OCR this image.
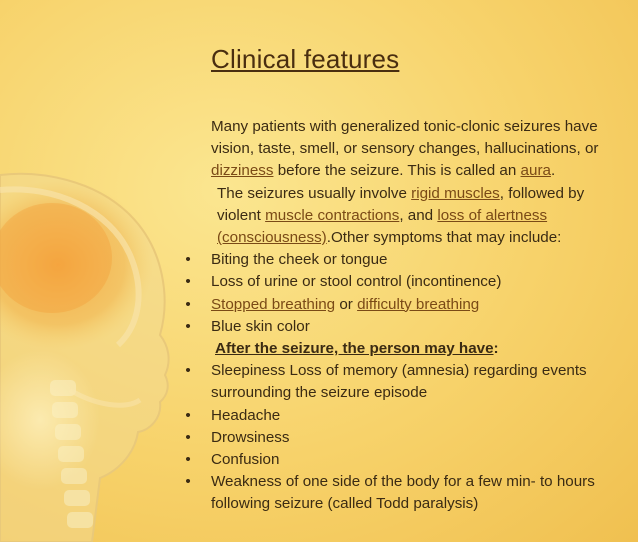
Clinical features

Many patients with generalized tonic-clonic seizures have vision, taste, smell, or sensory changes, hallucinations, or dizziness before the seizure. This is called an aura.

The seizures usually involve rigid muscles, followed by violent muscle contractions, and loss of alertness (consciousness).Other symptoms that may include:

• Biting the cheek or tongue
• Loss of urine or stool control (incontinence)
• Stopped breathing or difficulty breathing
• Blue skin color

After the seizure, the person may have:

• Sleepiness Loss of memory (amnesia) regarding events surrounding the seizure episode
• Headache
• Drowsiness
• Confusion
• Weakness of one side of the body for a few min- to hours following seizure (called Todd paralysis)
